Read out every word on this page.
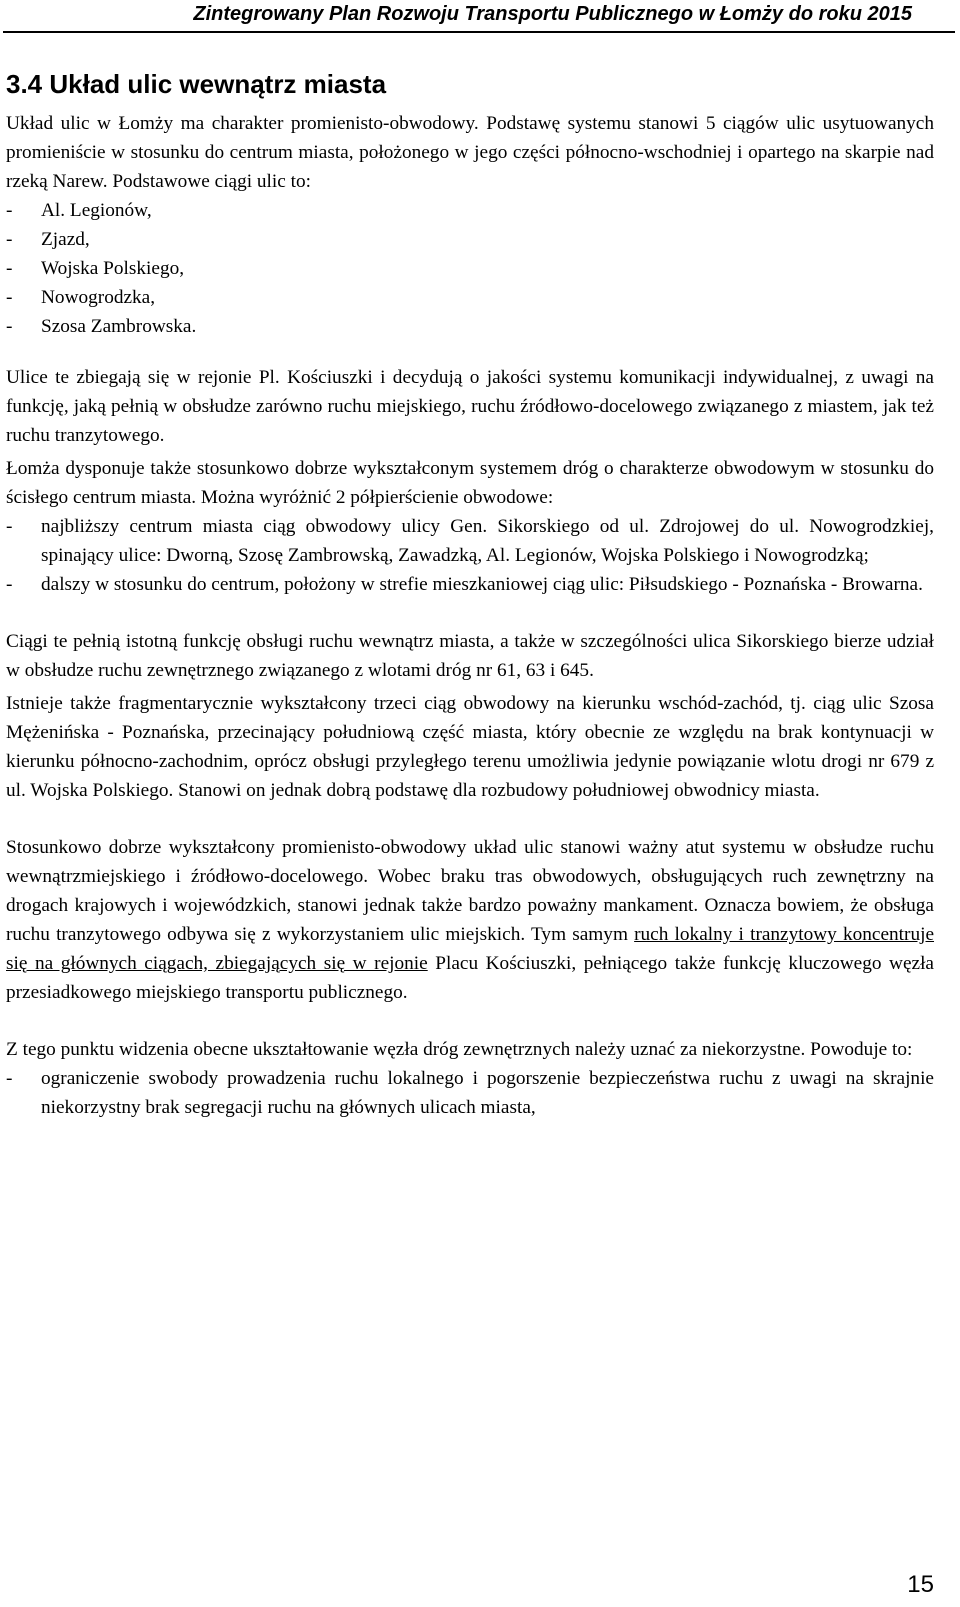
Zintegrowany Plan Rozwoju Transportu Publicznego w Łomży do roku 2015
3.4 Układ ulic wewnątrz miasta

Układ ulic w Łomży ma charakter promienisto-obwodowy. Podstawę systemu stanowi 5 ciągów ulic usytuowanych promieniście w stosunku do centrum miasta, położonego w jego części północno-wschodniej i opartego na skarpie nad rzeką Narew. Podstawowe ciągi ulic to:

- Al. Legionów,
- Zjazd,
- Wojska Polskiego,
- Nowogrodzka,
- Szosa Zambrowska.

Ulice te zbiegają się w rejonie Pl. Kościuszki i decydują o jakości systemu komunikacji indywidualnej, z uwagi na funkcję, jaką pełnią w obsłudze zarówno ruchu miejskiego, ruchu źródłowo-docelowego związanego z miastem, jak też ruchu tranzytowego.

Łomża dysponuje także stosunkowo dobrze wykształconym systemem dróg o charakterze obwodowym w stosunku do ścisłego centrum miasta. Można wyróżnić 2 półpierścienie obwodowe:

- najbliższy centrum miasta ciąg obwodowy ulicy Gen. Sikorskiego od ul. Zdrojowej do ul. Nowogrodzkiej, spinający ulice: Dworną, Szosę Zambrowską, Zawadzką, Al. Legionów, Wojska Polskiego i Nowogrodzką;
- dalszy w stosunku do centrum, położony w strefie mieszkaniowej ciąg ulic: Piłsudskiego - Poznańska - Browarna.

Ciągi te pełnią istotną funkcję obsługi ruchu wewnątrz miasta, a także w szczególności ulica Sikorskiego bierze udział w obsłudze ruchu zewnętrznego związanego z wlotami dróg nr 61, 63 i 645.

Istnieje także fragmentarycznie wykształcony trzeci ciąg obwodowy na kierunku wschód-zachód, tj. ciąg ulic Szosa Mężenińska - Poznańska, przecinający południową część miasta, który obecnie ze względu na brak kontynuacji w kierunku północno-zachodnim, oprócz obsługi przyległego terenu umożliwia jedynie powiązanie wlotu drogi nr 679 z ul. Wojska Polskiego. Stanowi on jednak dobrą podstawę dla rozbudowy południowej obwodnicy miasta.

Stosunkowo dobrze wykształcony promienisto-obwodowy układ ulic stanowi ważny atut systemu w obsłudze ruchu wewnątrzmiejskiego i źródłowo-docelowego. Wobec braku tras obwodowych, obsługujących ruch zewnętrzny na drogach krajowych i wojewódzkich, stanowi jednak także bardzo poważny mankament. Oznacza bowiem, że obsługa ruchu tranzytowego odbywa się z wykorzystaniem ulic miejskich. Tym samym ruch lokalny i tranzytowy koncentruje się na głównych ciągach, zbiegających się w rejonie Placu Kościuszki, pełniącego także funkcję kluczowego węzła przesiadkowego miejskiego transportu publicznego.

Z tego punktu widzenia obecne ukształtowanie węzła dróg zewnętrznych należy uznać za niekorzystne. Powoduje to:

- ograniczenie swobody prowadzenia ruchu lokalnego i pogorszenie bezpieczeństwa ruchu z uwagi na skrajnie niekorzystny brak segregacji ruchu na głównych ulicach miasta,
15
